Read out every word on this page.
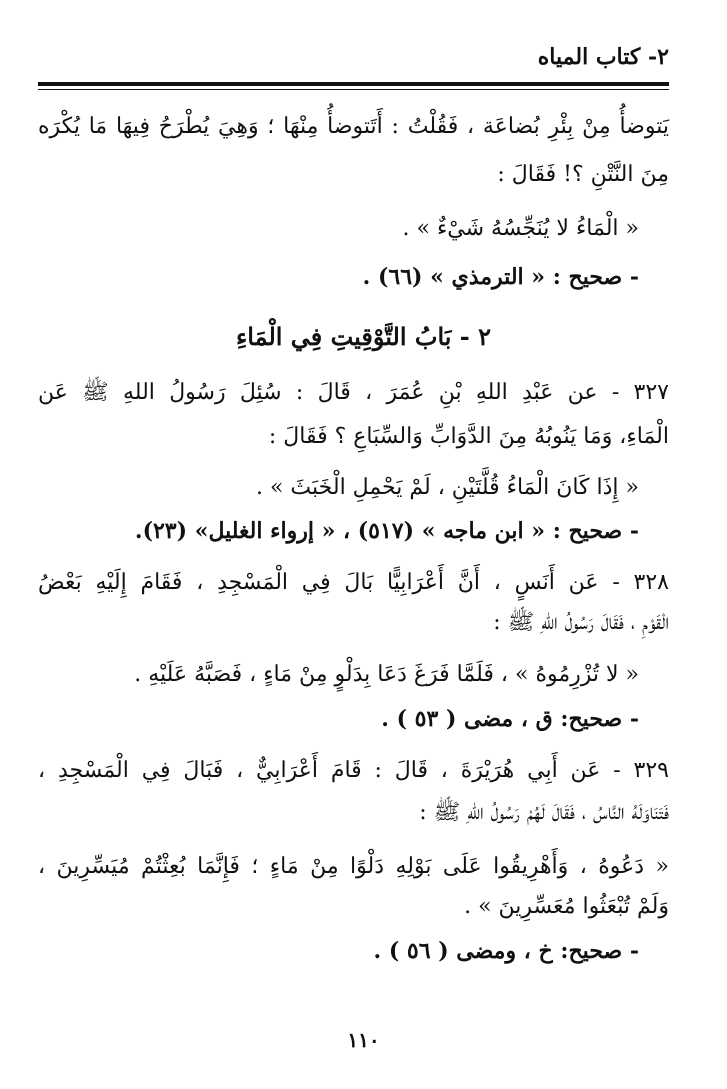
٢- كتاب المياه
يَتوضأُ مِنْ بِئْرِ بُضاعَة ، فَقُلْتُ : أَتَتوضأُ مِنْهَا ؛ وَهِيَ يُطْرَحُ فِيهَا مَا يُكْرَه
مِنَ النَّتْنِ ؟! فَقَالَ :
« الْمَاءُ لا يُنَجِّسُهُ شَيْءٌ » .
- صحيح : « الترمذي » (٦٦) .
٢ - بَابُ التَّوْقِيتِ فِي الْمَاءِ
٣٢٧ - عن عَبْدِ اللهِ بْنِ عُمَرَ ، قَالَ : سُئِلَ رَسُولُ اللهِ ﷺ عَن
الْمَاءِ، وَمَا يَنُوبُهُ مِنَ الدَّوَابِّ وَالسِّبَاعِ ؟ فَقَالَ :
« إِذَا كَانَ الْمَاءُ قُلَّتَيْنِ ، لَمْ يَحْمِلِ الْخَبَثَ » .
- صحيح : « ابن ماجه » (٥١٧) ، « إرواء الغليل» (٢٣).
٣٢٨ - عَن أَنَسٍ ، أَنَّ أَعْرَابِيًّا بَالَ فِي الْمَسْجِدِ ، فَقَامَ إِلَيْهِ بَعْضُ
الْقَوْمِ ، فَقَالَ رَسُولُ اللهِ ﷺ :
« لا تُزْرِمُوهُ » ، فَلَمَّا فَرَغَ دَعَا بِدَلْوٍ مِنْ مَاءٍ ، فَصَبَّهُ عَلَيْهِ .
- صحيح: ق ، مضى ( ٥٣ ) .
٣٢٩ - عَن أَبِي هُرَيْرَةَ ، قَالَ : قَامَ أَعْرَابِيٌّ ، فَبَالَ فِي الْمَسْجِدِ ،
فَتَنَاوَلَهُ النَّاسُ ، فَقَالَ لَهُمْ رَسُولُ اللهِ ﷺ :
« دَعُوهُ ، وَأَهْرِيقُوا عَلَى بَوْلِهِ دَلْوًا مِنْ مَاءٍ ؛ فَإِنَّمَا بُعِثْتُمْ مُيَسِّرِينَ ،
وَلَمْ تُبْعَثُوا مُعَسِّرِينَ » .
- صحيح: خ ، ومضى ( ٥٦ ) .
١١٠
